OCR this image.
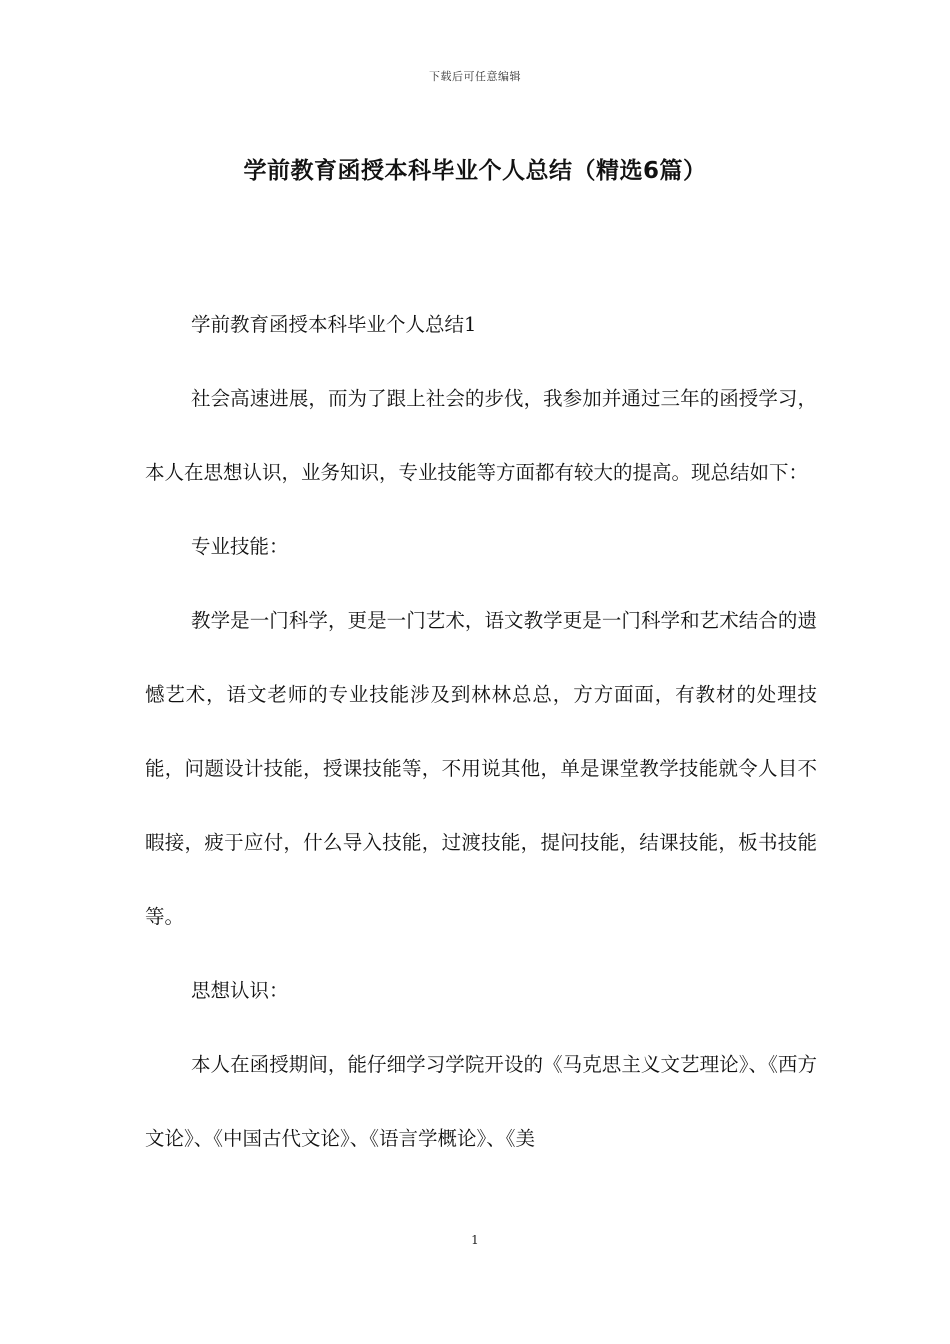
下载后可任意编辑
学前教育函授本科毕业个人总结（精选6篇）

学前教育函授本科毕业个人总结1

社会高速进展，而为了跟上社会的步伐，我参加并通过三年的函授学习，本人在思想认识，业务知识，专业技能等方面都有较大的提高。现总结如下：

专业技能：

教学是一门科学，更是一门艺术，语文教学更是一门科学和艺术结合的遗憾艺术，语文老师的专业技能涉及到林林总总，方方面面，有教材的处理技能，问题设计技能，授课技能等，不用说其他，单是课堂教学技能就令人目不暇接，疲于应付，什么导入技能，过渡技能，提问技能，结课技能，板书技能等。

思想认识：

本人在函授期间，能仔细学习学院开设的《马克思主义文艺理论》、《西方文论》、《中国古代文论》、《语言学概论》、《美

1
